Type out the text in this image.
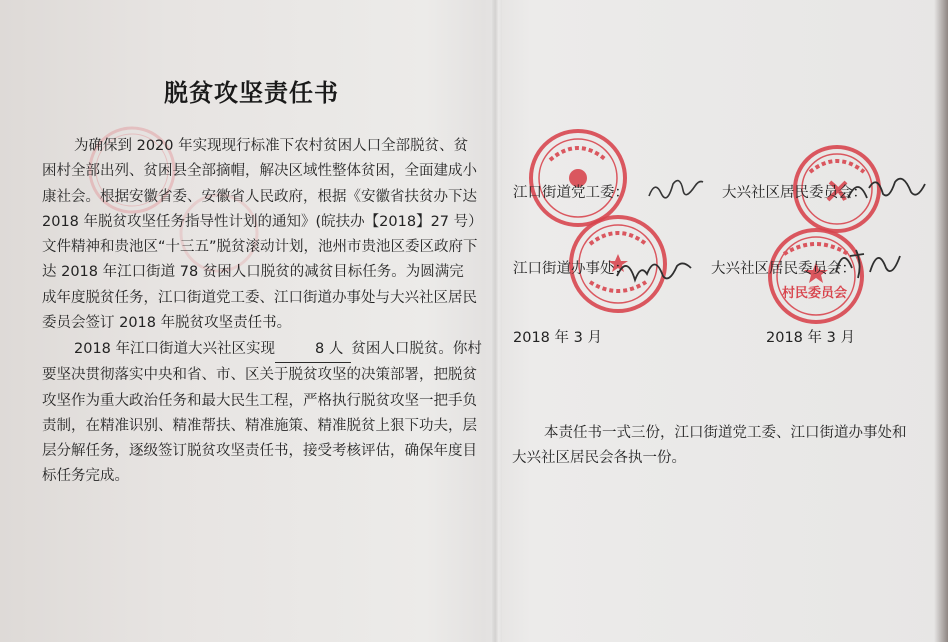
脱贫攻坚责任书

为确保到 2020 年实现现行标准下农村贫困人口全部脱贫、贫困村全部出列、贫困县全部摘帽，解决区域性整体贫困，全面建成小康社会。根据安徽省委、安徽省人民政府，根据《安徽省扶贫办下达 2018 年脱贫攻坚任务指导性计划的通知》(皖扶办【2018】27 号）文件精神和贵池区“十三五”脱贫滚动计划，池州市贵池区委区政府下达 2018 年江口街道 78 贫困人口脱贫的减贫目标任务。为圆满完成年度脱贫任务，江口街道党工委、江口街道办事处与大兴社区居民委员会签订 2018 年脱贫攻坚责任书。

2018 年江口街道大兴社区实现	8 人 贫困人口脱贫。你村要坚决贯彻落实中央和省、市、区关于脱贫攻坚的决策部署，把脱贫攻坚作为重大政治任务和最大民生工程，严格执行脱贫攻坚一把手负责制，在精准识别、精准帮扶、精准施策、精准脱贫上狠下功夫，层层分解任务，逐级签订脱贫攻坚责任书，接受考核评估，确保年度目标任务完成。

村民委员会
江口街道党工委：	大兴社区居民委员会：
江口街道办事处：	大兴社区居民委员会：
2018 年 3 月	2018 年 3 月

本责任书一式三份，江口街道党工委、江口街道办事处和大兴社区居民会各执一份。
